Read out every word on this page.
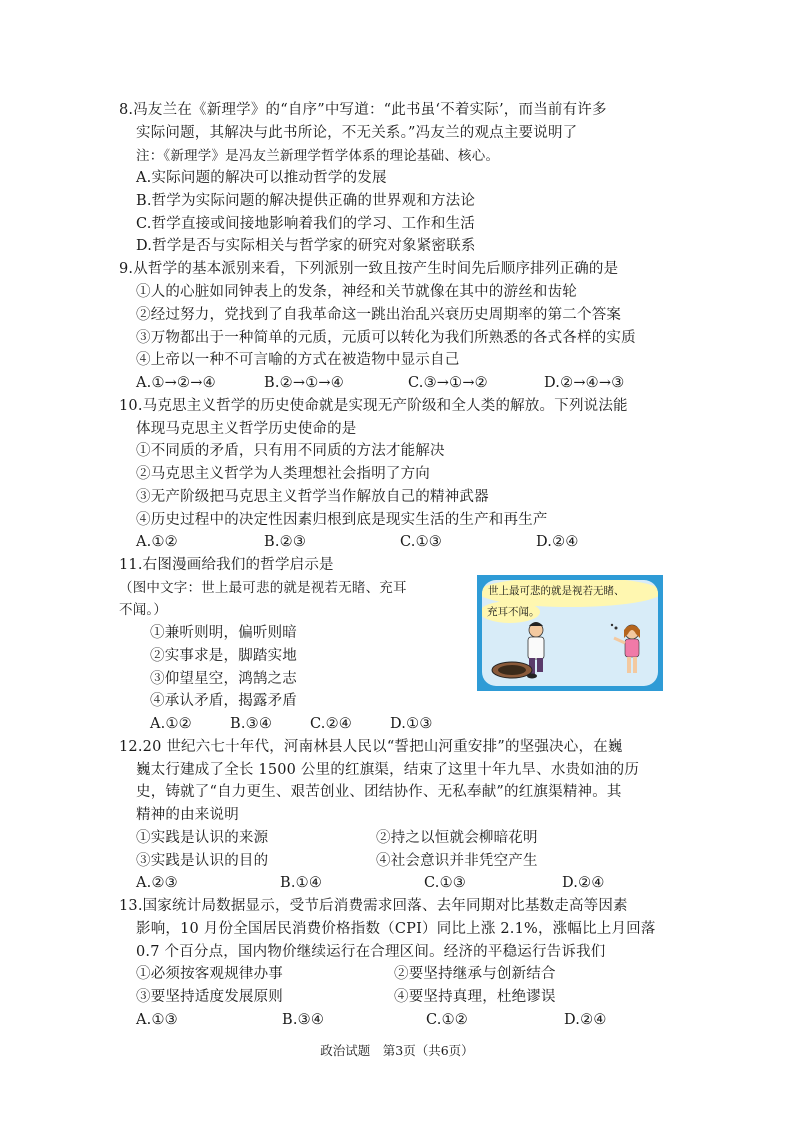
8.冯友兰在《新理学》的“自序”中写道：“此书虽‘不着实际’，而当前有许多
实际问题，其解决与此书所论，不无关系。”冯友兰的观点主要说明了
注：《新理学》是冯友兰新理学哲学体系的理论基础、核心。
A.实际问题的解决可以推动哲学的发展
B.哲学为实际问题的解决提供正确的世界观和方法论
C.哲学直接或间接地影响着我们的学习、工作和生活
D.哲学是否与实际相关与哲学家的研究对象紧密联系
9.从哲学的基本派别来看，下列派别一致且按产生时间先后顺序排列正确的是
①人的心脏如同钟表上的发条，神经和关节就像在其中的游丝和齿轮
②经过努力，党找到了自我革命这一跳出治乱兴衰历史周期率的第二个答案
③万物都出于一种简单的元质，元质可以转化为我们所熟悉的各式各样的实质
④上帝以一种不可言喻的方式在被造物中显示自己
A.①→②→④	B.②→①→④	C.③→①→②	D.②→④→③
10.马克思主义哲学的历史使命就是实现无产阶级和全人类的解放。下列说法能
体现马克思主义哲学历史使命的是
①不同质的矛盾，只有用不同质的方法才能解决
②马克思主义哲学为人类理想社会指明了方向
③无产阶级把马克思主义哲学当作解放自己的精神武器
④历史过程中的决定性因素归根到底是现实生活的生产和再生产
A.①②	B.②③	C.①③	D.②④
11.右图漫画给我们的哲学启示是
（图中文字：世上最可悲的就是视若无睹、充耳
不闻。）
①兼听则明，偏听则暗
②实事求是，脚踏实地
③仰望星空，鸿鹄之志
④承认矛盾，揭露矛盾
A.①②	B.③④	C.②④	D.①③
世上最可悲的就是视若无睹、
充耳不闻。
12.20 世纪六七十年代，河南林县人民以“誓把山河重安排”的坚强决心，在巍
巍太行建成了全长 1500 公里的红旗渠，结束了这里十年九旱、水贵如油的历
史，铸就了“自力更生、艰苦创业、团结协作、无私奉献”的红旗渠精神。其
精神的由来说明
①实践是认识的来源	②持之以恒就会柳暗花明
③实践是认识的目的	④社会意识并非凭空产生
A.②③	B.①④	C.①③	D.②④
13.国家统计局数据显示，受节后消费需求回落、去年同期对比基数走高等因素
影响，10 月份全国居民消费价格指数（CPI）同比上涨 2.1%，涨幅比上月回落
0.7 个百分点，国内物价继续运行在合理区间。经济的平稳运行告诉我们
①必须按客观规律办事	②要坚持继承与创新结合
③要坚持适度发展原则	④要坚持真理，杜绝谬误
A.①③	B.③④	C.①②	D.②④
政治试题　第3页（共6页）
